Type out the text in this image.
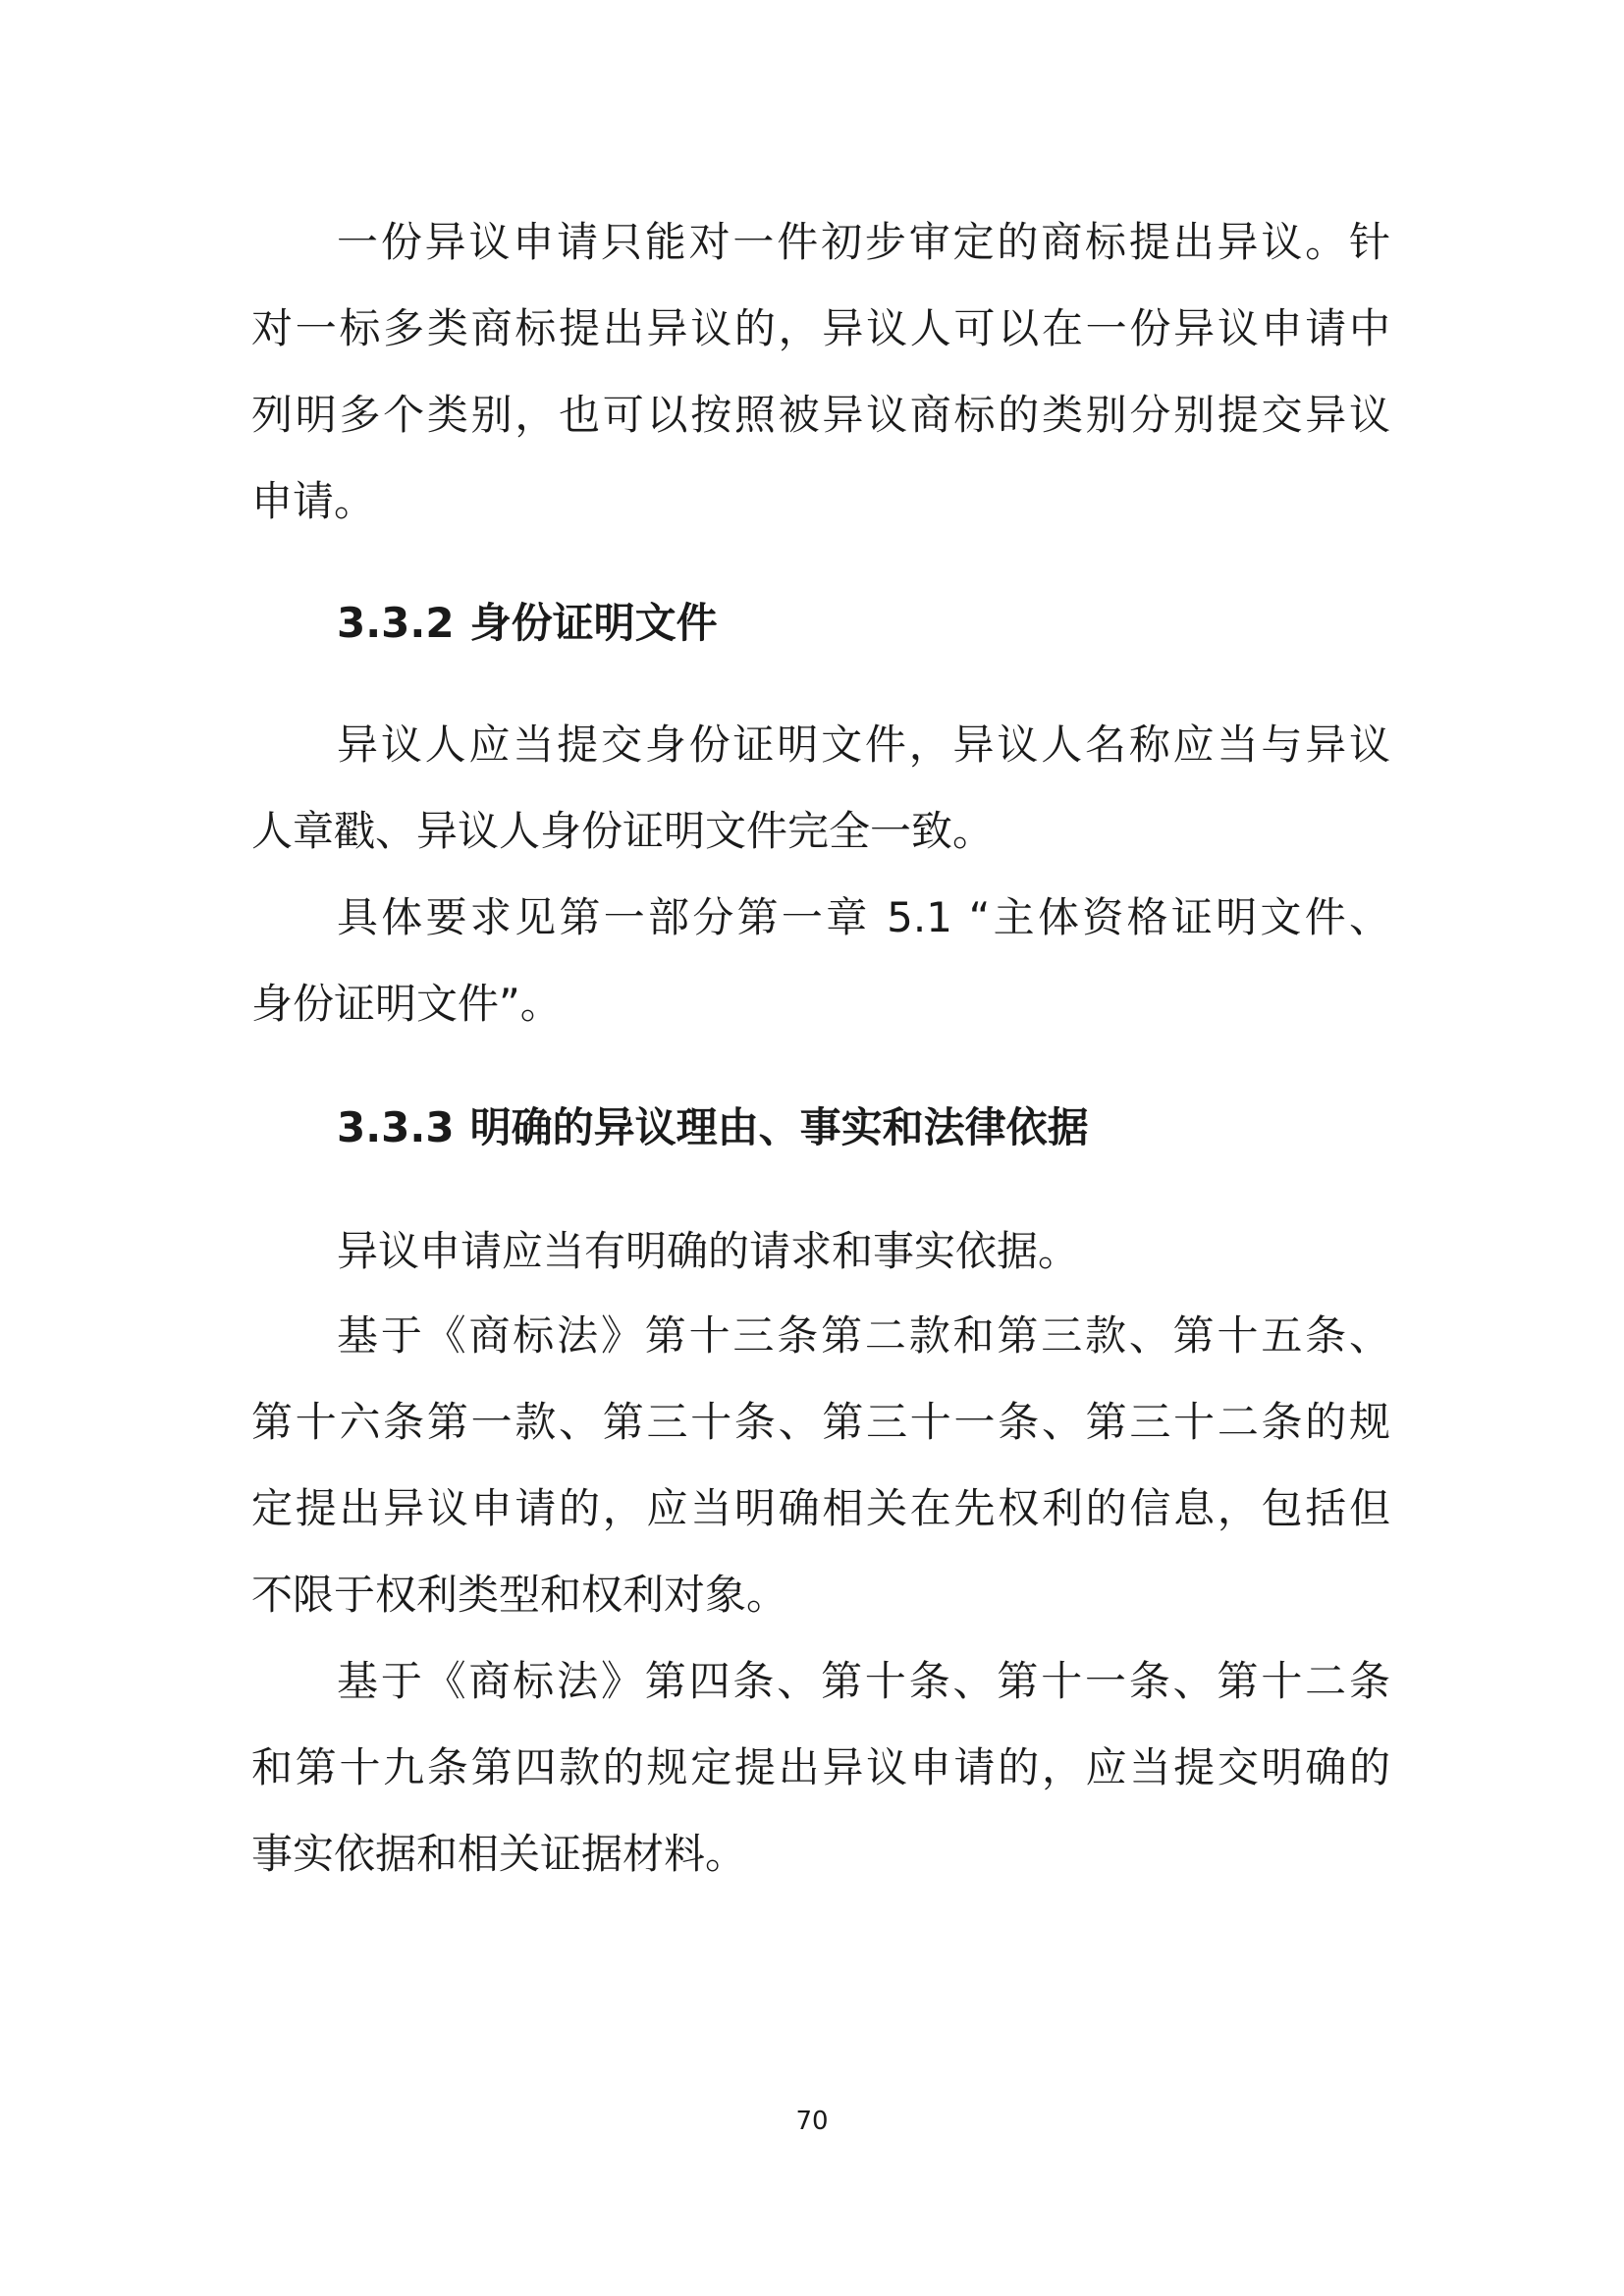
一份异议申请只能对一件初步审定的商标提出异议。针
对一标多类商标提出异议的，异议人可以在一份异议申请中
列明多个类别，也可以按照被异议商标的类别分别提交异议
申请。
3.3.2 身份证明文件
异议人应当提交身份证明文件，异议人名称应当与异议
人章戳、异议人身份证明文件完全一致。
具体要求见第一部分第一章 5.1 “主体资格证明文件、
身份证明文件”。
3.3.3 明确的异议理由、事实和法律依据
异议申请应当有明确的请求和事实依据。
基于《商标法》第十三条第二款和第三款、第十五条、
第十六条第一款、第三十条、第三十一条、第三十二条的规
定提出异议申请的，应当明确相关在先权利的信息，包括但
不限于权利类型和权利对象。
基于《商标法》第四条、第十条、第十一条、第十二条
和第十九条第四款的规定提出异议申请的，应当提交明确的
事实依据和相关证据材料。
70
